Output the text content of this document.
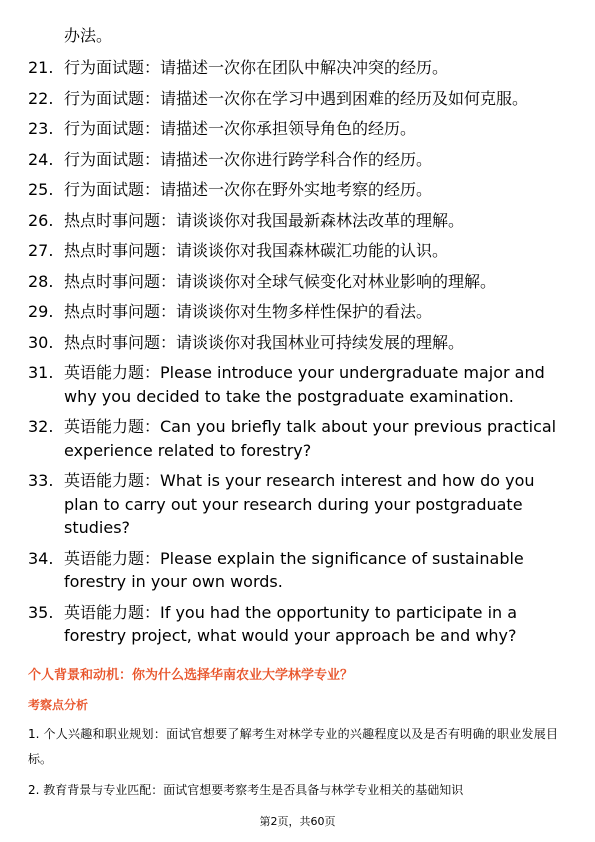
办法。

21. 行为面试题：请描述一次你在团队中解决冲突的经历。
22. 行为面试题：请描述一次你在学习中遇到困难的经历及如何克服。
23. 行为面试题：请描述一次你承担领导角色的经历。
24. 行为面试题：请描述一次你进行跨学科合作的经历。
25. 行为面试题：请描述一次你在野外实地考察的经历。
26. 热点时事问题：请谈谈你对我国最新森林法改革的理解。
27. 热点时事问题：请谈谈你对我国森林碳汇功能的认识。
28. 热点时事问题：请谈谈你对全球气候变化对林业影响的理解。
29. 热点时事问题：请谈谈你对生物多样性保护的看法。
30. 热点时事问题：请谈谈你对我国林业可持续发展的理解。
31. 英语能力题：Please introduce your undergraduate major and why you decided to take the postgraduate examination.
32. 英语能力题：Can you briefly talk about your previous practical experience related to forestry?
33. 英语能力题：What is your research interest and how do you plan to carry out your research during your postgraduate studies?
34. 英语能力题：Please explain the significance of sustainable forestry in your own words.
35. 英语能力题：If you had the opportunity to participate in a forestry project, what would your approach be and why?
个人背景和动机：你为什么选择华南农业大学林学专业？
考察点分析
1. 个人兴趣和职业规划：面试官想要了解考生对林学专业的兴趣程度以及是否有明确的职业发展目标。
2. 教育背景与专业匹配：面试官想要考察考生是否具备与林学专业相关的基础知识

第2页，共60页
